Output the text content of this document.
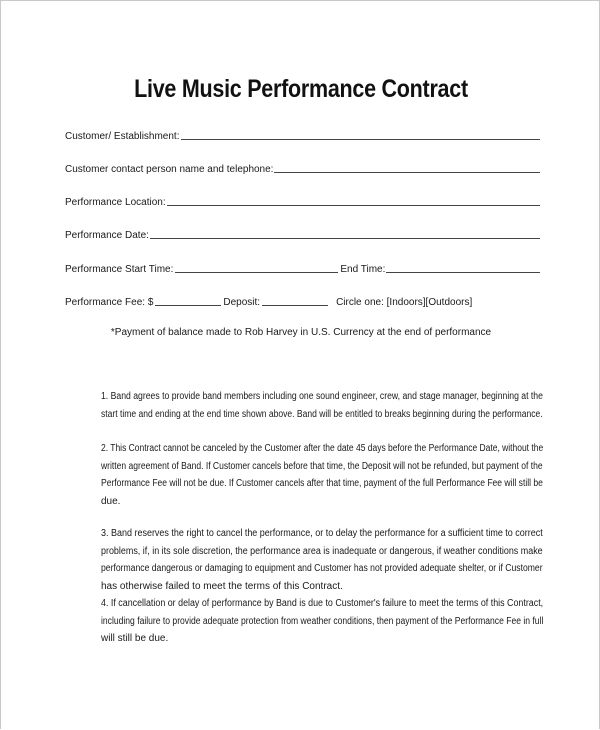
Live Music Performance Contract
Customer/ Establishment:
Customer contact person name and telephone:
Performance Location:
Performance Date:
Performance Start Time:	End Time:
Performance Fee: $	Deposit:	Circle one: [Indoors][Outdoors]
*Payment of balance made to Rob Harvey in U.S. Currency at the end of performance
1. Band agrees to provide band members including one sound engineer, crew, and stage manager, beginning at the
start time and ending at the end time shown above. Band will be entitled to breaks beginning during the performance.
2. This Contract cannot be canceled by the Customer after the date 45 days before the Performance Date, without the
written agreement of Band. If Customer cancels before that time, the Deposit will not be refunded, but payment of the
Performance Fee will not be due. If Customer cancels after that time, payment of the full Performance Fee will still be
due.
3. Band reserves the right to cancel the performance, or to delay the performance for a sufficient time to correct
problems, if, in its sole discretion, the performance area is inadequate or dangerous, if weather conditions make
performance dangerous or damaging to equipment and Customer has not provided adequate shelter, or if Customer
has otherwise failed to meet the terms of this Contract.
4. If cancellation or delay of performance by Band is due to Customer's failure to meet the terms of this Contract,
including failure to provide adequate protection from weather conditions, then payment of the Performance Fee in full
will still be due.
